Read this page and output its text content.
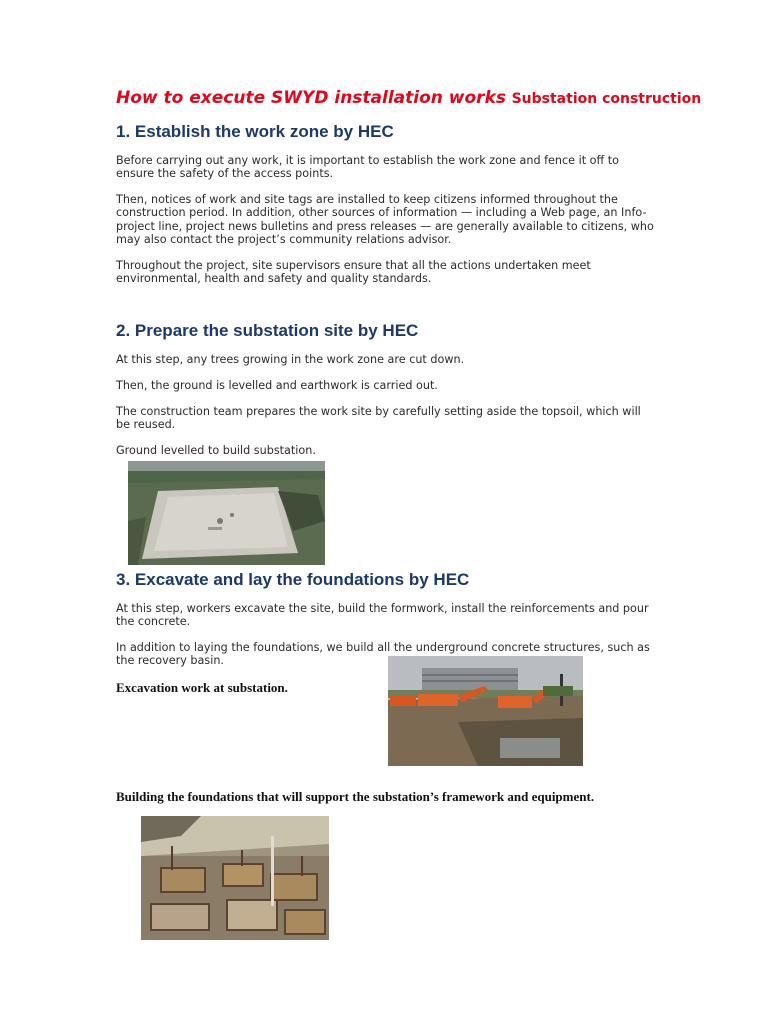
How to execute SWYD installation works Substation construction
1. Establish the work zone by HEC

Before carrying out any work, it is important to establish the work zone and fence it off to ensure the safety of the access points.

Then, notices of work and site tags are installed to keep citizens informed throughout the construction period. In addition, other sources of information — including a Web page, an Info-project line, project news bulletins and press releases — are generally available to citizens, who may also contact the project’s community relations advisor.

Throughout the project, site supervisors ensure that all the actions undertaken meet environmental, health and safety and quality standards.

2. Prepare the substation site by HEC

At this step, any trees growing in the work zone are cut down.

Then, the ground is levelled and earthwork is carried out.

The construction team prepares the work site by carefully setting aside the topsoil, which will be reused.

Ground levelled to build substation.

3. Excavate and lay the foundations by HEC

At this step, workers excavate the site, build the formwork, install the reinforcements and pour the concrete.

In addition to laying the foundations, we build all the underground concrete structures, such as the recovery basin.

Excavation work at substation.
Building the foundations that will support the substation’s framework and equipment.
